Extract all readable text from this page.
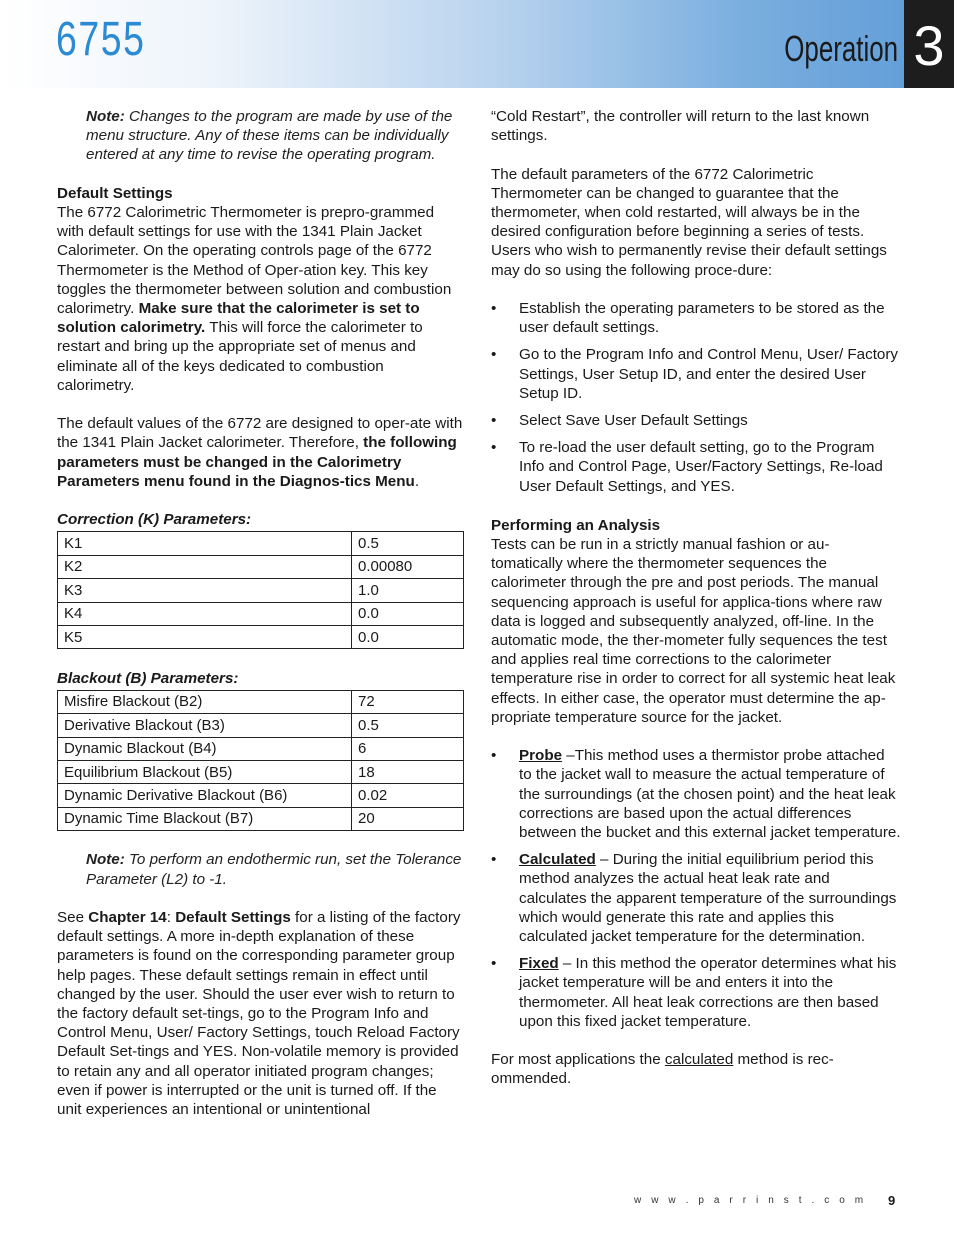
6755	Operation 3

Note: Changes to the program are made by use of the menu structure. Any of these items can be individually entered at any time to revise the operating program.

Default Settings

The 6772 Calorimetric Thermometer is prepro-grammed with default settings for use with the 1341 Plain Jacket Calorimeter. On the operating controls page of the 6772 Thermometer is the Method of Oper-ation key. This key toggles the thermometer between solution and combustion calorimetry. Make sure that the calorimeter is set to solution calorimetry. This will force the calorimeter to restart and bring up the appropriate set of menus and eliminate all of the keys dedicated to combustion calorimetry.

The default values of the 6772 are designed to oper-ate with the 1341 Plain Jacket calorimeter. Therefore, the following parameters must be changed in the Calorimetry Parameters menu found in the Diagnos-tics Menu.

Correction (K) Parameters:

K1	0.5
K2	0.00080
K3	1.0
K4	0.0
K5	0.0

Blackout (B) Parameters:

Misfire Blackout (B2)	72
Derivative Blackout (B3)	0.5
Dynamic Blackout (B4)	6
Equilibrium Blackout (B5)	18
Dynamic Derivative Blackout (B6)	0.02
Dynamic Time Blackout (B7)	20

Note: To perform an endothermic run, set the Tolerance Parameter (L2) to -1.

See Chapter 14: Default Settings for a listing of the factory default settings. A more in-depth explanation of these parameters is found on the corresponding parameter group help pages. These default settings remain in effect until changed by the user. Should the user ever wish to return to the factory default set-tings, go to the Program Info and Control Menu, User/ Factory Settings, touch Reload Factory Default Set-tings and YES. Non-volatile memory is provided to retain any and all operator initiated program changes; even if power is interrupted or the unit is turned off. If the unit experiences an intentional or unintentional

“Cold Restart”, the controller will return to the last known settings.

The default parameters of the 6772 Calorimetric Thermometer can be changed to guarantee that the thermometer, when cold restarted, will always be in the desired configuration before beginning a series of tests. Users who wish to permanently revise their default settings may do so using the following proce-dure:

• Establish the operating parameters to be stored as the user default settings.
• Go to the Program Info and Control Menu, User/ Factory Settings, User Setup ID, and enter the desired User Setup ID.
• Select Save User Default Settings
• To re-load the user default setting, go to the Program Info and Control Page, User/Factory Settings, Re-load User Default Settings, and YES.

Performing an Analysis

Tests can be run in a strictly manual fashion or au-tomatically where the thermometer sequences the calorimeter through the pre and post periods. The manual sequencing approach is useful for applica-tions where raw data is logged and subsequently analyzed, off-line. In the automatic mode, the ther-mometer fully sequences the test and applies real time corrections to the calorimeter temperature rise in order to correct for all systemic heat leak effects. In either case, the operator must determine the ap-propriate temperature source for the jacket.

• Probe –This method uses a thermistor probe attached to the jacket wall to measure the actual temperature of the surroundings (at the chosen point) and the heat leak corrections are based upon the actual differences between the bucket and this external jacket temperature.
• Calculated – During the initial equilibrium period this method analyzes the actual heat leak rate and calculates the apparent temperature of the surroundings which would generate this rate and applies this calculated jacket temperature for the determination.
• Fixed – In this method the operator determines what his jacket temperature will be and enters it into the thermometer. All heat leak corrections are then based upon this fixed jacket temperature.

For most applications the calculated method is rec-ommended.

w w w . p a r r i n s t . c o m 9
